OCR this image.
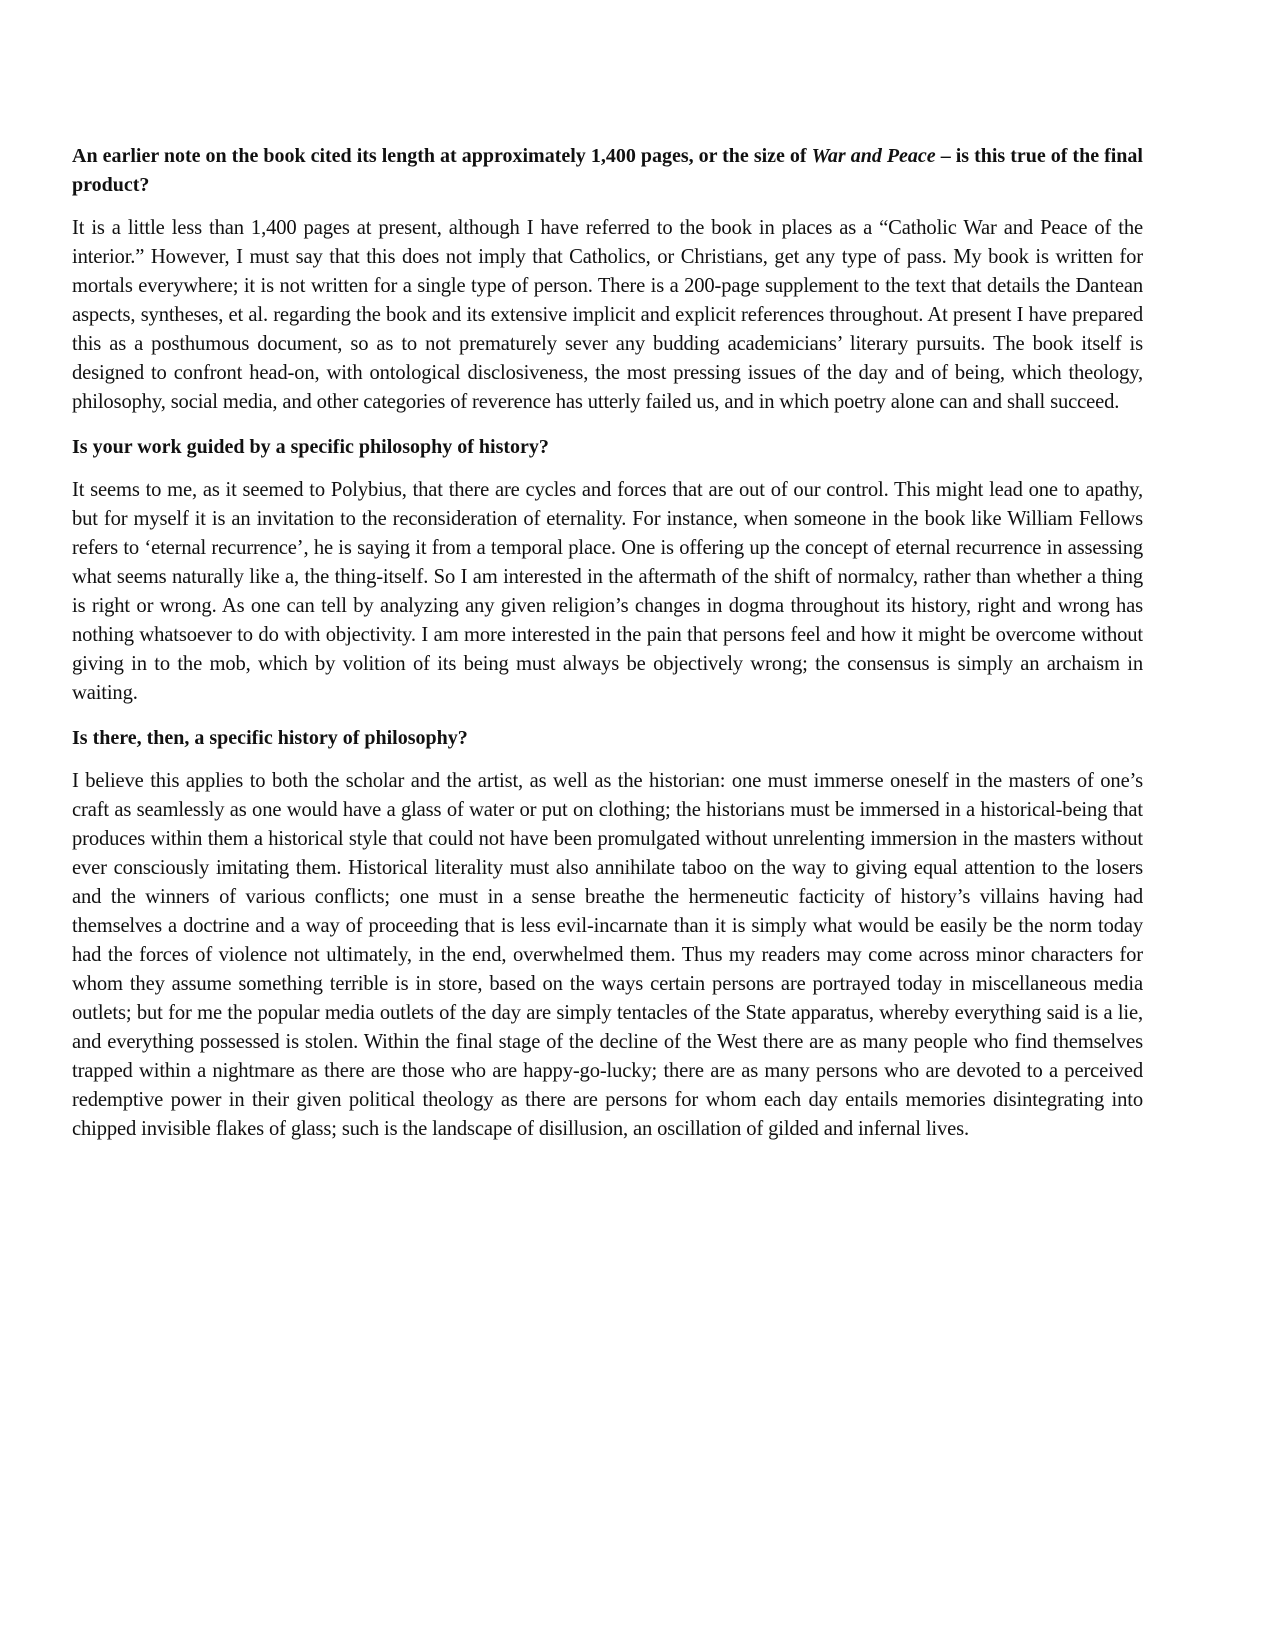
An earlier note on the book cited its length at approximately 1,400 pages, or the size of War and Peace – is this true of the final product?

It is a little less than 1,400 pages at present, although I have referred to the book in places as a “Catholic War and Peace of the interior.” However, I must say that this does not imply that Catholics, or Christians, get any type of pass. My book is written for mortals everywhere; it is not written for a single type of person. There is a 200-page supplement to the text that details the Dantean aspects, syntheses, et al. regarding the book and its extensive implicit and explicit references throughout. At present I have prepared this as a posthumous document, so as to not prematurely sever any budding academicians’ literary pursuits. The book itself is designed to confront head-on, with ontological disclosiveness, the most pressing issues of the day and of being, which theology, philosophy, social media, and other categories of reverence has utterly failed us, and in which poetry alone can and shall succeed.

Is your work guided by a specific philosophy of history?

It seems to me, as it seemed to Polybius, that there are cycles and forces that are out of our control. This might lead one to apathy, but for myself it is an invitation to the reconsideration of eternality. For instance, when someone in the book like William Fellows refers to ‘eternal recurrence’, he is saying it from a temporal place. One is offering up the concept of eternal recurrence in assessing what seems naturally like a, the thing-itself. So I am interested in the aftermath of the shift of normalcy, rather than whether a thing is right or wrong. As one can tell by analyzing any given religion’s changes in dogma throughout its history, right and wrong has nothing whatsoever to do with objectivity. I am more interested in the pain that persons feel and how it might be overcome without giving in to the mob, which by volition of its being must always be objectively wrong; the consensus is simply an archaism in waiting.

Is there, then, a specific history of philosophy?

I believe this applies to both the scholar and the artist, as well as the historian: one must immerse oneself in the masters of one’s craft as seamlessly as one would have a glass of water or put on clothing; the historians must be immersed in a historical-being that produces within them a historical style that could not have been promulgated without unrelenting immersion in the masters without ever consciously imitating them. Historical literality must also annihilate taboo on the way to giving equal attention to the losers and the winners of various conflicts; one must in a sense breathe the hermeneutic facticity of history’s villains having had themselves a doctrine and a way of proceeding that is less evil-incarnate than it is simply what would be easily be the norm today had the forces of violence not ultimately, in the end, overwhelmed them. Thus my readers may come across minor characters for whom they assume something terrible is in store, based on the ways certain persons are portrayed today in miscellaneous media outlets; but for me the popular media outlets of the day are simply tentacles of the State apparatus, whereby everything said is a lie, and everything possessed is stolen. Within the final stage of the decline of the West there are as many people who find themselves trapped within a nightmare as there are those who are happy-go-lucky; there are as many persons who are devoted to a perceived redemptive power in their given political theology as there are persons for whom each day entails memories disintegrating into chipped invisible flakes of glass; such is the landscape of disillusion, an oscillation of gilded and infernal lives.
